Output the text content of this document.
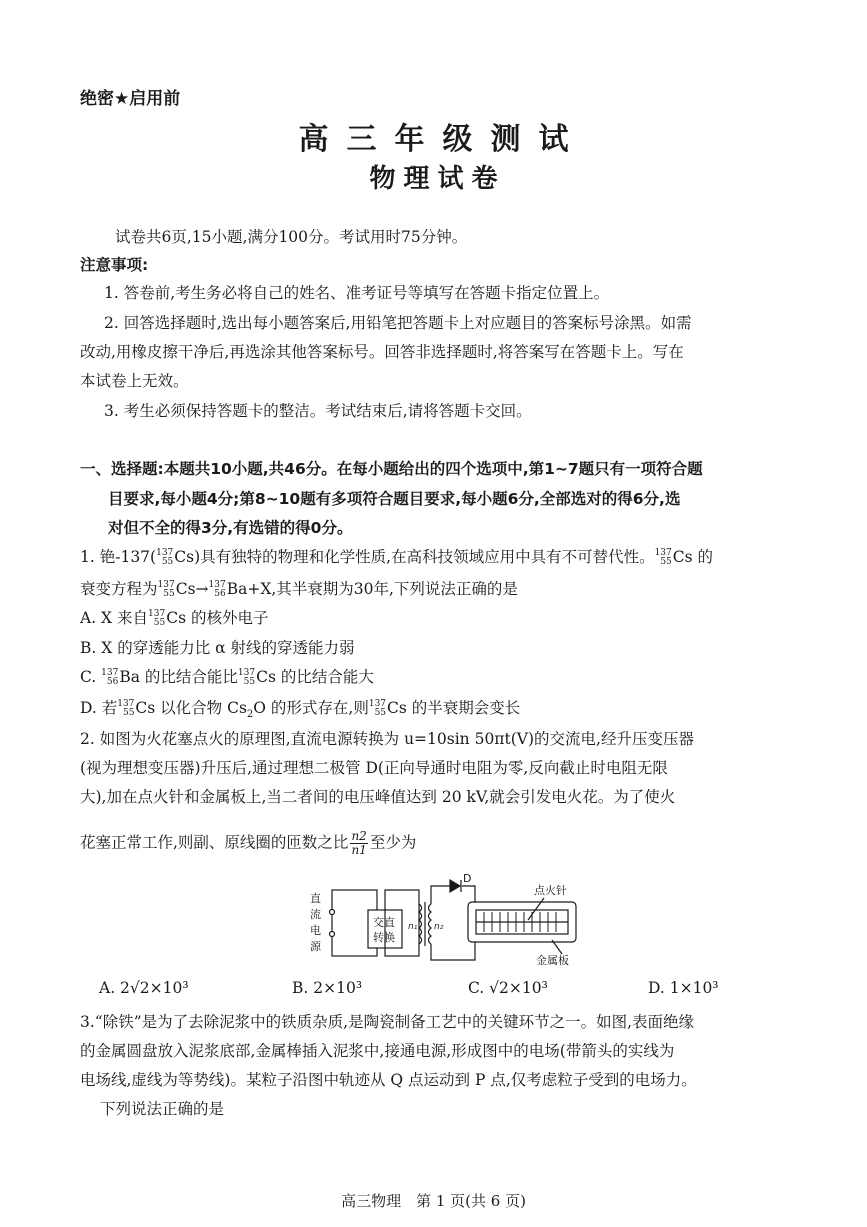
绝密★启用前
高三年级测试
物理试卷
试卷共6页,15小题,满分100分。考试用时75分钟。
注意事项:
1. 答卷前,考生务必将自己的姓名、准考证号等填写在答题卡指定位置上。
2. 回答选择题时,选出每小题答案后,用铅笔把答题卡上对应题目的答案标号涂黑。如需
改动,用橡皮擦干净后,再选涂其他答案标号。回答非选择题时,将答案写在答题卡上。写在
本试卷上无效。
3. 考生必须保持答题卡的整洁。考试结束后,请将答题卡交回。
一、选择题:本题共10小题,共46分。在每小题给出的四个选项中,第1~7题只有一项符合题
目要求,每小题4分;第8~10题有多项符合题目要求,每小题6分,全部选对的得6分,选
对但不全的得3分,有选错的得0分。
1. 铯-137( 137
55 Cs)具有独特的物理和化学性质,在高科技领域应用中具有不可替代性。 137
55 Cs 的
衰变方程为 137
55 Cs→ 137
56 Ba+X,其半衰期为30年,下列说法正确的是
A. X 来自 137
55 Cs 的核外电子
B. X 的穿透能力比 α 射线的穿透能力弱
C. 137
56 Ba 的比结合能比 137
55 Cs 的比结合能大
D. 若 137
55 Cs 以化合物 $Cs_2O$ 的形式存在,则 137
55 Cs 的半衰期会变长
2. 如图为火花塞点火的原理图,直流电源转换为 u=10sin 50πt(V)的交流电,经升压变压器
(视为理想变压器)升压后,通过理想二极管 D(正向导通时电阻为零,反向截止时电阻无限
大),加在点火针和金属板上,当二者间的电压峰值达到 20 kV,就会引发电火花。为了使火
花塞正常工作,则副、原线圈的匝数之比 $\frac{n2}{n1}$ 至少为
直
流
电
源
交直
转换
n₁ n₂
D
点火针
金属板
A. 2√2×10³	B. 2×10³	C. √2×10³	D. 1×10³
3.“除铁”是为了去除泥浆中的铁质杂质,是陶瓷制备工艺中的关键环节之一。如图,表面绝缘
的金属圆盘放入泥浆底部,金属棒插入泥浆中,接通电源,形成图中的电场(带箭头的实线为
电场线,虚线为等势线)。某粒子沿图中轨迹从 Q 点运动到 P 点,仅考虑粒子受到的电场力。
下列说法正确的是
高三物理　第 1 页(共 6 页)
